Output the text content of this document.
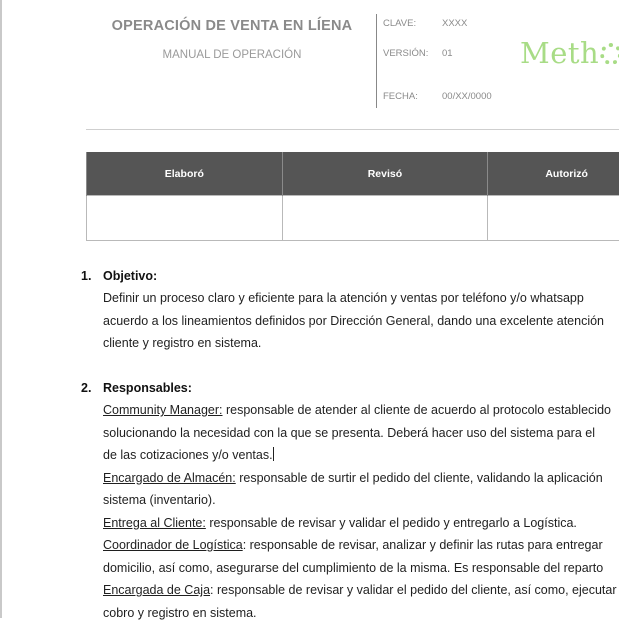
OPERACIÓN DE VENTA EN LÍENA
MANUAL DE OPERACIÓN
CLAVE:	XXXX
VERSIÓN: 01
FECHA:	00/XX/0000
Meth
Elaboró	Revisó	Autorizó

1. Objetivo:
Definir un proceso claro y eficiente para la atención y ventas por teléfono y/o whatsapp
acuerdo a los lineamientos definidos por Dirección General, dando una excelente atención
cliente y registro en sistema.
2. Responsables:
Community Manager: responsable de atender al cliente de acuerdo al protocolo establecido
solucionando la necesidad con la que se presenta. Deberá hacer uso del sistema para el
de las cotizaciones y/o ventas.
Encargado de Almacén: responsable de surtir el pedido del cliente, validando la aplicación
sistema (inventario).
Entrega al Cliente: responsable de revisar y validar el pedido y entregarlo a Logística.
Coordinador de Logística: responsable de revisar, analizar y definir las rutas para entregar
domicilio, así como, asegurarse del cumplimiento de la misma. Es responsable del reparto
Encargada de Caja: responsable de revisar y validar el pedido del cliente, así como, ejecutar
cobro y registro en sistema.
